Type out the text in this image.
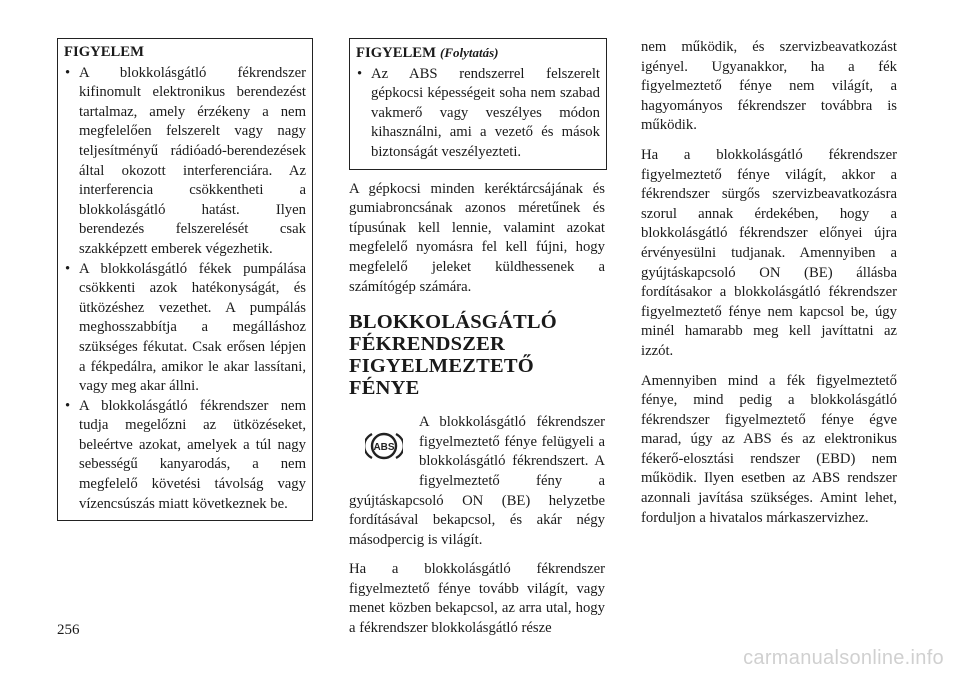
FIGYELEM
• A blokkolásgátló fékrendszer kifinomult elektronikus berendezést tartalmaz, amely érzékeny a nem megfelelően felszerelt vagy nagy teljesítményű rádióadó-berendezések által okozott interferenciára. Az interferencia csökkentheti a blokkolásgátló hatást. Ilyen berendezés felszerelését csak szakképzett emberek végezhetik.
• A blokkolásgátló fékek pumpálása csökkenti azok hatékonyságát, és ütközéshez vezethet. A pumpálás meghosszabbítja a megálláshoz szükséges fékutat. Csak erősen lépjen a fékpedálra, amikor le akar lassítani, vagy meg akar állni.
• A blokkolásgátló fékrendszer nem tudja megelőzni az ütközéseket, beleértve azokat, amelyek a túl nagy sebességű kanyarodás, a nem megfelelő követési távolság vagy vízencsúszás miatt következnek be.
FIGYELEM (Folytatás)
• Az ABS rendszerrel felszerelt gépkocsi képességeit soha nem szabad vakmerő vagy veszélyes módon kihasználni, ami a vezető és mások biztonságát veszélyezteti.

A gépkocsi minden keréktárcsájának és gumiabroncsának azonos méretűnek és típusúnak kell lennie, valamint azokat megfelelő nyomásra fel kell fújni, hogy megfelelő jeleket küldhessenek a számítógép számára.

BLOKKOLÁSGÁTLÓ FÉKRENDSZER FIGYELMEZTETŐ FÉNYE
ABS

A blokkolásgátló fékrendszer figyelmeztető fénye felügyeli a blokkolásgátló fékrendszert. A figyelmeztető fény a gyújtáskapcsoló ON (BE) helyzetbe fordításával bekapcsol, és akár négy másodpercig is világít.

Ha a blokkolásgátló fékrendszer figyelmeztető fénye tovább világít, vagy menet közben bekapcsol, az arra utal, hogy a fékrendszer blokkolásgátló része

nem működik, és szervizbeavatkozást igényel. Ugyanakkor, ha a fék figyelmeztető fénye nem világít, a hagyományos fékrendszer továbbra is működik.

Ha a blokkolásgátló fékrendszer figyelmeztető fénye világít, akkor a fékrendszer sürgős szervizbeavatkozásra szorul annak érdekében, hogy a blokkolásgátló fékrendszer előnyei újra érvényesülni tudjanak. Amennyiben a gyújtáskapcsoló ON (BE) állásba fordításakor a blokkolásgátló fékrendszer figyelmeztető fénye nem kapcsol be, úgy minél hamarabb meg kell javíttatni az izzót.

Amennyiben mind a fék figyelmeztető fénye, mind pedig a blokkolásgátló fékrendszer figyelmeztető fénye égve marad, úgy az ABS és az elektronikus fékerő-elosztási rendszer (EBD) nem működik. Ilyen esetben az ABS rendszer azonnali javítása szükséges. Amint lehet, forduljon a hivatalos márkaszervizhez.

256
carmanualsonline.info
